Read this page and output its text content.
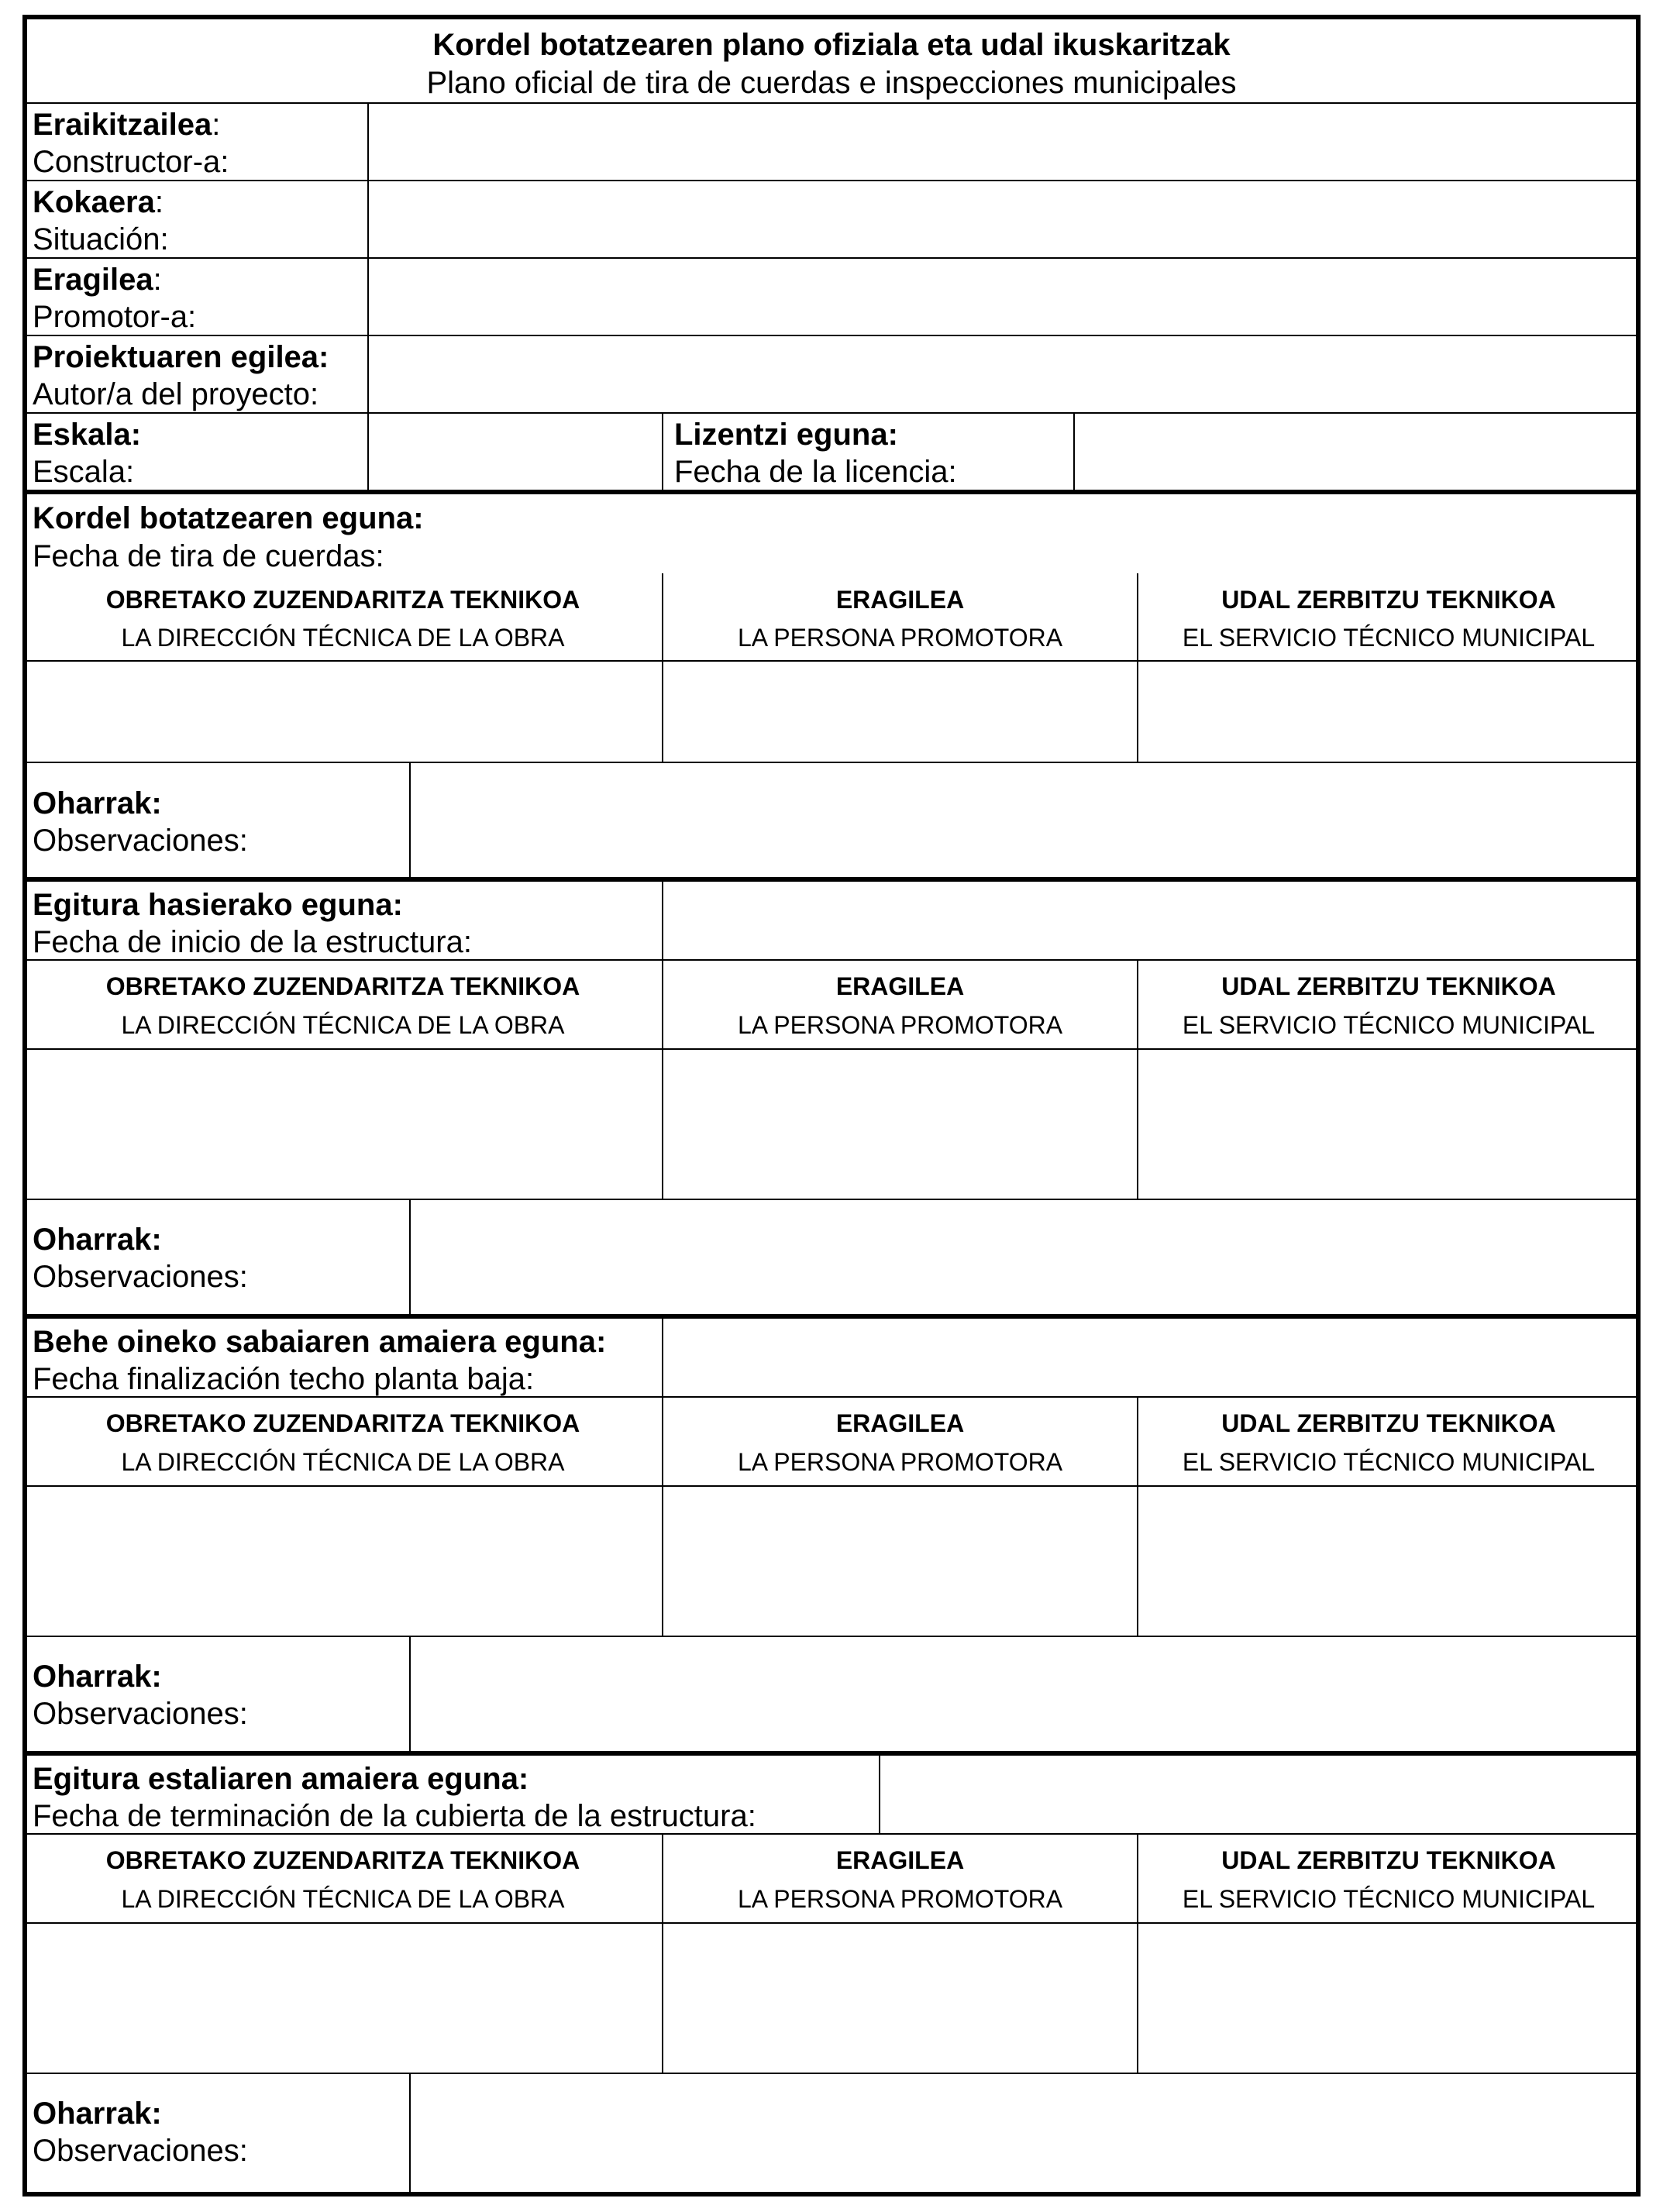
Kordel botatzearen plano ofiziala eta udal ikuskaritzak
Plano oficial de tira de cuerdas e inspecciones municipales
Eraikitzailea:
Constructor-a:
Kokaera:
Situación:
Eragilea:
Promotor-a:
Proiektuaren egilea:
Autor/a del proyecto:
Eskala:
Escala:
Lizentzi eguna:
Fecha de la licencia:
Kordel botatzearen eguna:
Fecha de tira de cuerdas:
OBRETAKO ZUZENDARITZA TEKNIKOA
LA DIRECCIÓN TÉCNICA DE LA OBRA
ERAGILEA
LA PERSONA PROMOTORA
UDAL ZERBITZU TEKNIKOA
EL SERVICIO TÉCNICO MUNICIPAL
Oharrak:
Observaciones:
Egitura hasierako eguna:
Fecha de inicio de la estructura:
OBRETAKO ZUZENDARITZA TEKNIKOA
LA DIRECCIÓN TÉCNICA DE LA OBRA
ERAGILEA
LA PERSONA PROMOTORA
UDAL ZERBITZU TEKNIKOA
EL SERVICIO TÉCNICO MUNICIPAL
Oharrak:
Observaciones:
Behe oineko sabaiaren amaiera eguna:
Fecha finalización techo planta baja:
OBRETAKO ZUZENDARITZA TEKNIKOA
LA DIRECCIÓN TÉCNICA DE LA OBRA
ERAGILEA
LA PERSONA PROMOTORA
UDAL ZERBITZU TEKNIKOA
EL SERVICIO TÉCNICO MUNICIPAL
Oharrak:
Observaciones:
Egitura estaliaren amaiera eguna:
Fecha de terminación de la cubierta de la estructura:
OBRETAKO ZUZENDARITZA TEKNIKOA
LA DIRECCIÓN TÉCNICA DE LA OBRA
ERAGILEA
LA PERSONA PROMOTORA
UDAL ZERBITZU TEKNIKOA
EL SERVICIO TÉCNICO MUNICIPAL
Oharrak:
Observaciones:
